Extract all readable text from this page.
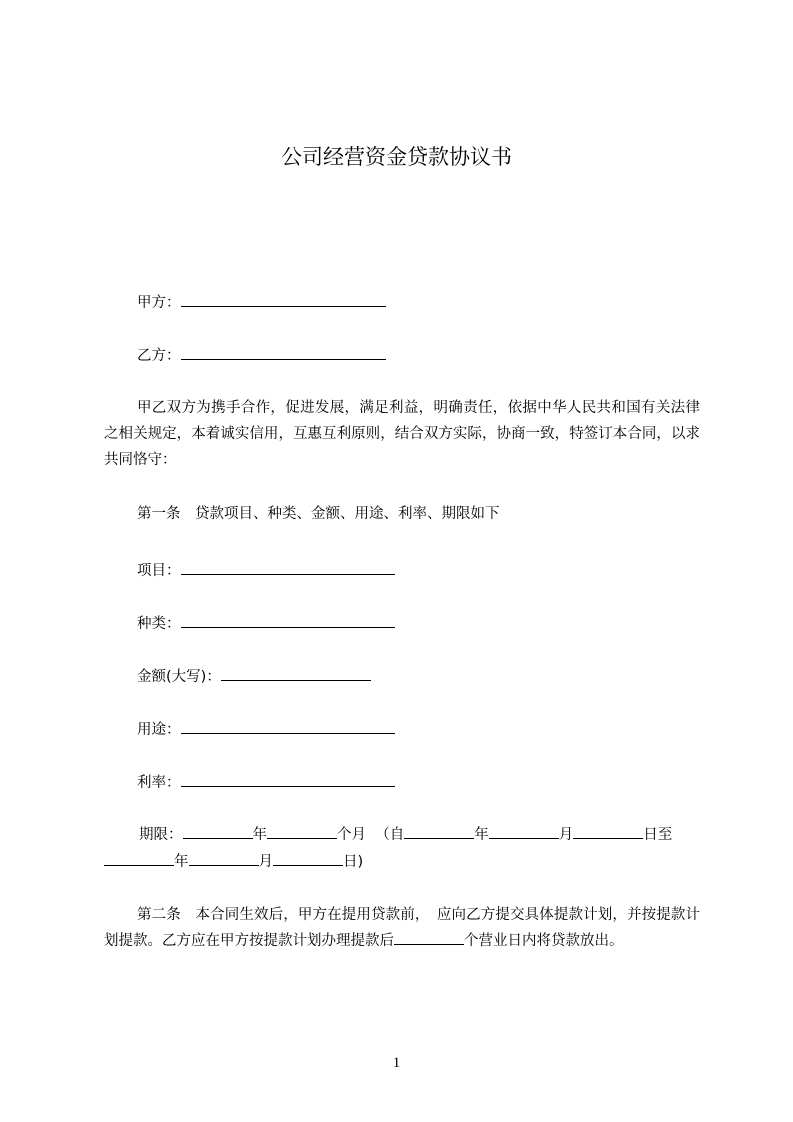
公司经营资金贷款协议书
甲方：
乙方：
甲乙双方为携手合作，促进发展，满足利益，明确责任，依据中华人民共和国有关法律之相关规定，本着诚实信用，互惠互利原则，结合双方实际，协商一致，特签订本合同，以求共同恪守：
第一条　贷款项目、种类、金额、用途、利率、期限如下
项目：
种类：
金额(大写)：
用途：
利率：
期限：	年	个月 （自	年	月	日至
年	月	日)
第二条　本合同生效后，甲方在提用贷款前，　应向乙方提交具体提款计划，并按提款计划提款。乙方应在甲方按提款计划办理提款后	个营业日内将贷款放出。
1
